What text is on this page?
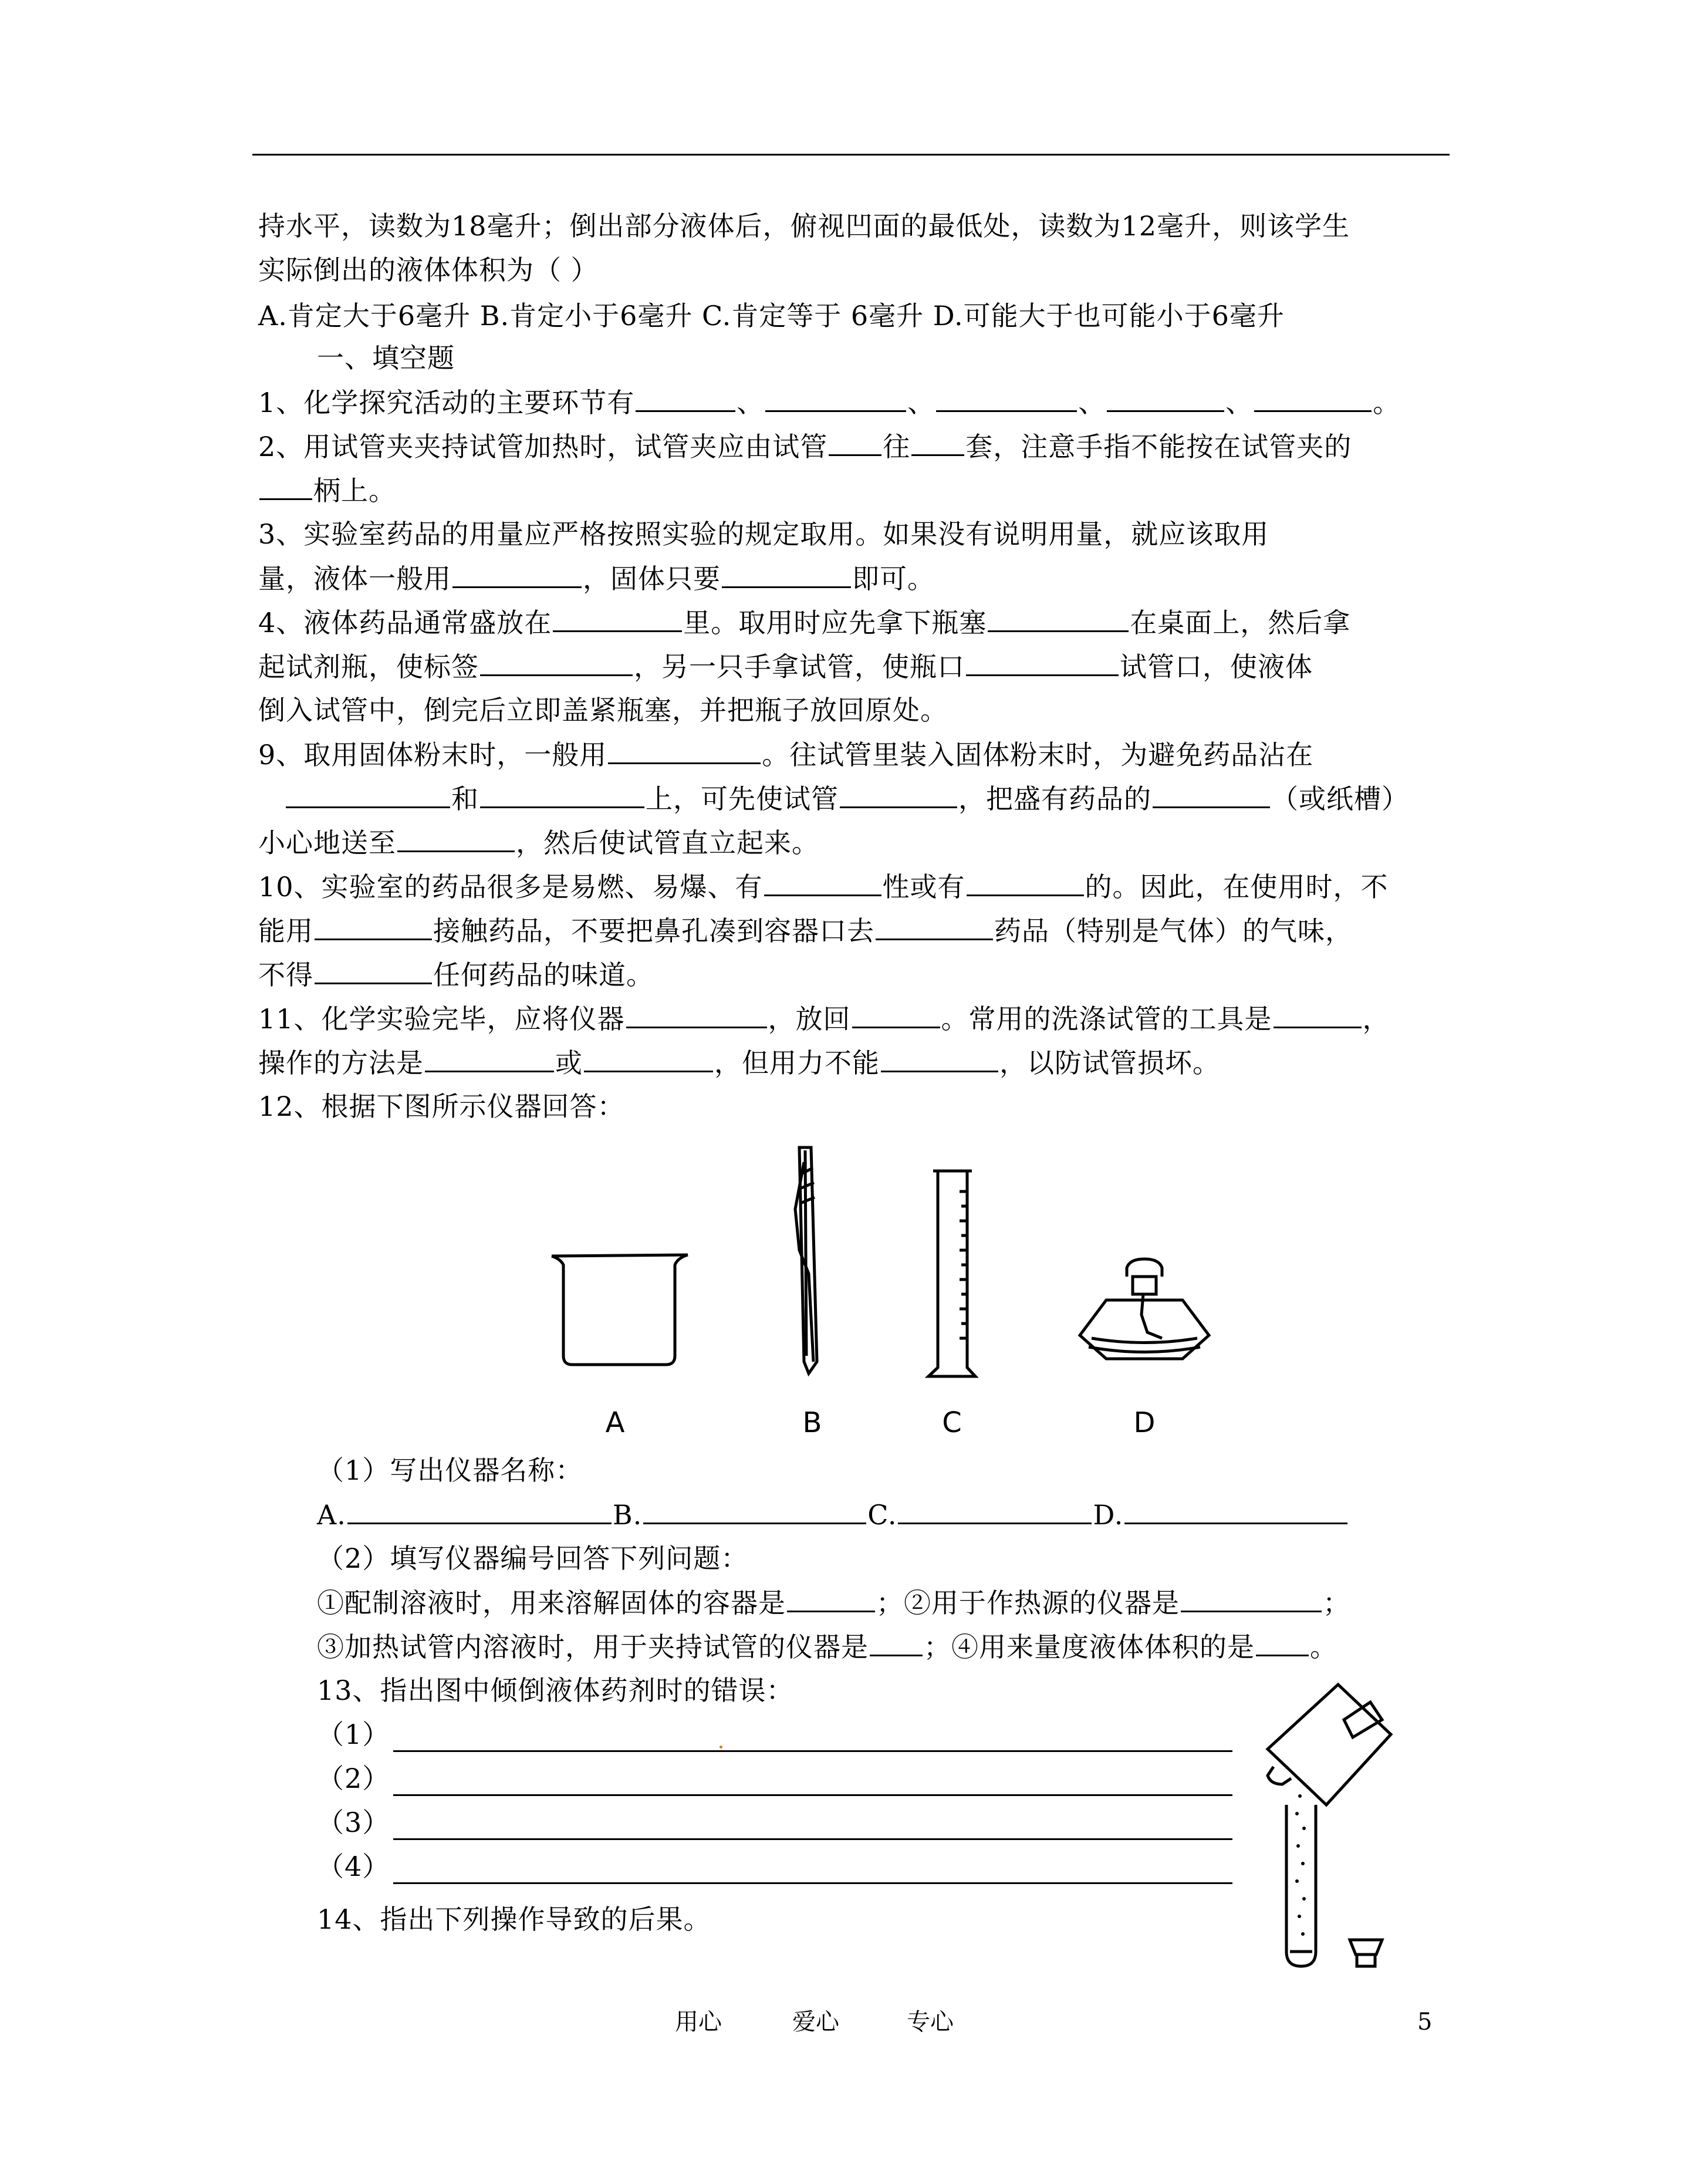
持水平，读数为18毫升；倒出部分液体后，俯视凹面的最低处，读数为12毫升，则该学生
实际倒出的液体体积为（ ）
A.肯定大于6毫升 B.肯定小于6毫升 C.肯定等于 6毫升 D.可能大于也可能小于6毫升
一、填空题
1、化学探究活动的主要环节有	、	、	、	、	。
2、用试管夹夹持试管加热时，试管夹应由试管 往 套，注意手指不能按在试管夹的
柄上。
3、实验室药品的用量应严格按照实验的规定取用。如果没有说明用量，就应该取用
量，液体一般用	，固体只要	即可。
4、液体药品通常盛放在	里。取用时应先拿下瓶塞	在桌面上，然后拿
起试剂瓶，使标签	，另一只手拿试管，使瓶口	试管口，使液体
倒入试管中，倒完后立即盖紧瓶塞，并把瓶子放回原处。
9、取用固体粉末时，一般用	。往试管里装入固体粉末时，为避免药品沾在
和	上，可先使试管	，把盛有药品的	（或纸槽）
小心地送至	，然后使试管直立起来。
10、实验室的药品很多是易燃、易爆、有	性或有	的。因此，在使用时，不
能用	接触药品，不要把鼻孔凑到容器口去	药品（特别是气体）的气味，
不得	任何药品的味道。
11、化学实验完毕，应将仪器	，放回	。常用的洗涤试管的工具是	，
操作的方法是	或	，但用力不能	，以防试管损坏。
12、根据下图所示仪器回答：
A	B	C	D
（1）写出仪器名称：
A.	B.	C.	D.
（2）填写仪器编号回答下列问题：
①配制溶液时，用来溶解固体的容器是	；②用于作热源的仪器是	；
③加热试管内溶液时，用于夹持试管的仪器是 ；④用来量度液体体积的是 。
13、指出图中倾倒液体药剂时的错误：
（1）
（2）
（3）
（4）
14、指出下列操作导致的后果。
用心	爱心	专心	5
